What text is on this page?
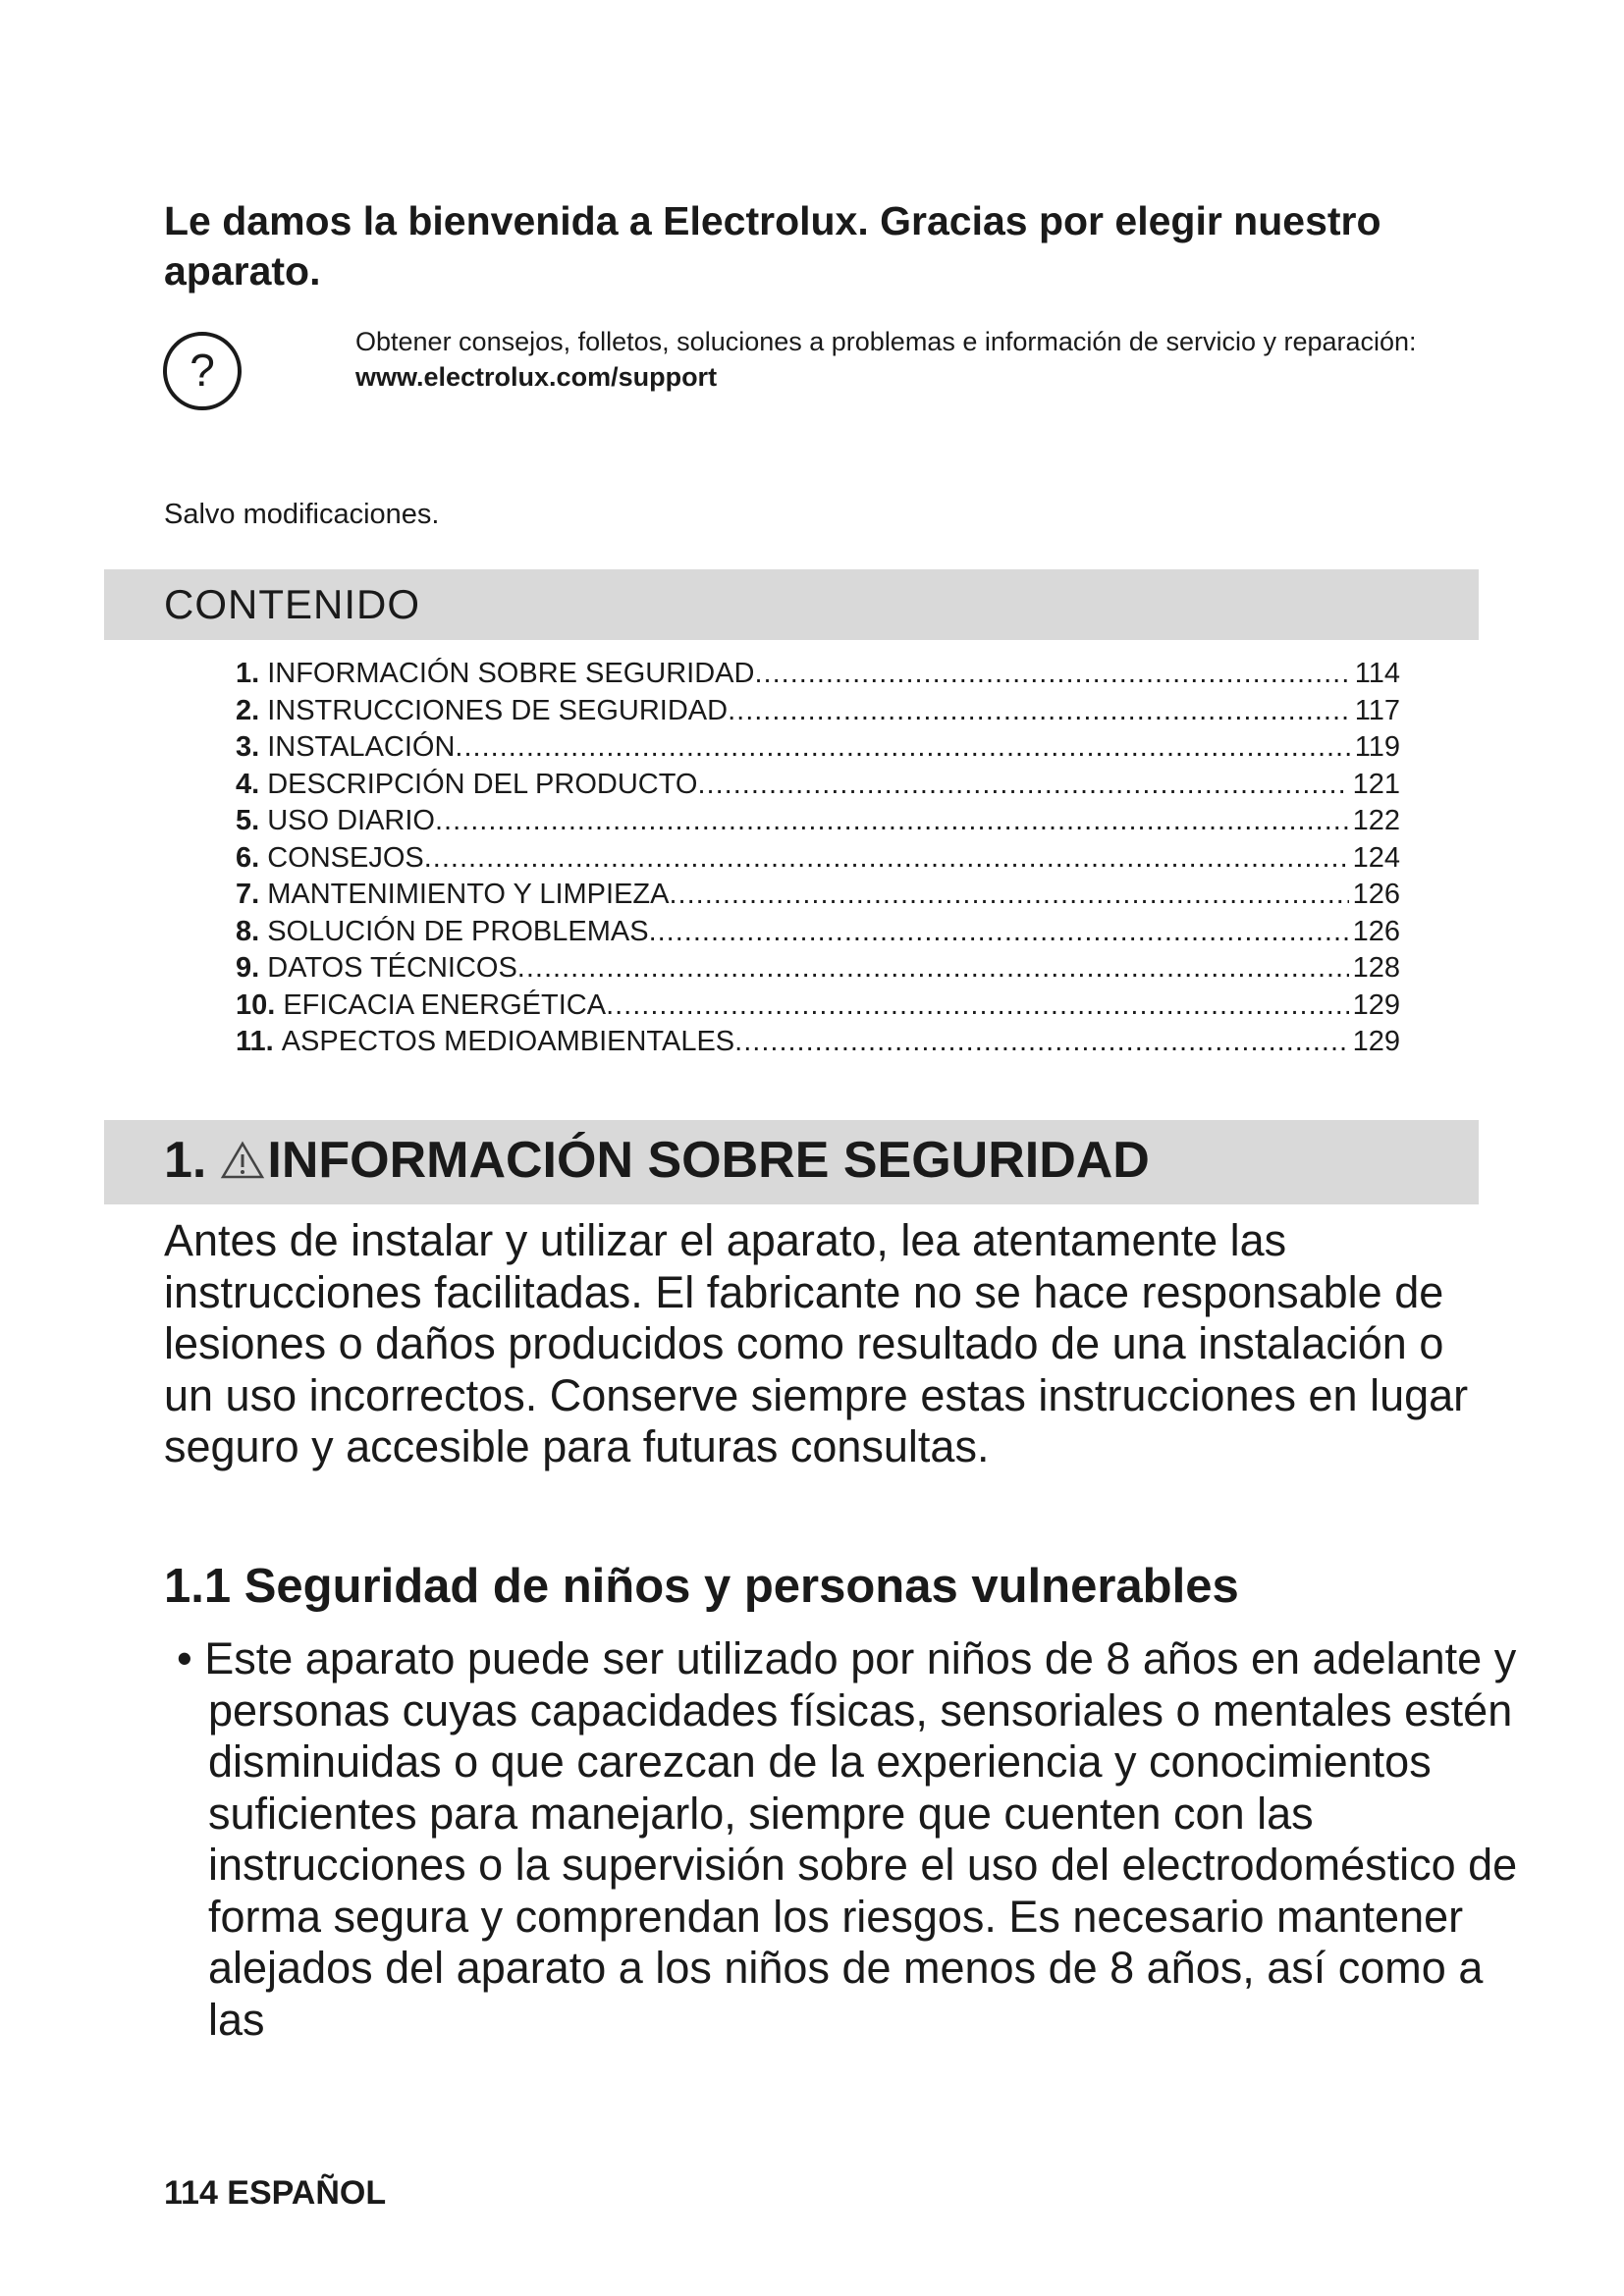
Le damos la bienvenida a Electrolux. Gracias por elegir nuestro aparato.
?
Obtener consejos, folletos, soluciones a problemas e información de servicio y reparación:
www.electrolux.com/support
Salvo modificaciones.
CONTENIDO
1. INFORMACIÓN SOBRE SEGURIDAD .....	114
2. INSTRUCCIONES DE SEGURIDAD .....	117
3. INSTALACIÓN .....	119
4. DESCRIPCIÓN DEL PRODUCTO .....	121
5. USO DIARIO .....	122
6. CONSEJOS .....	124
7. MANTENIMIENTO Y LIMPIEZA .....	126
8. SOLUCIÓN DE PROBLEMAS .....	126
9. DATOS TÉCNICOS .....	128
10. EFICACIA ENERGÉTICA .....	129
11. ASPECTOS MEDIOAMBIENTALES .....	129
1. INFORMACIÓN SOBRE SEGURIDAD

Antes de instalar y utilizar el aparato, lea atentamente las instrucciones facilitadas. El fabricante no se hace responsable de lesiones o daños producidos como resultado de una instalación o un uso incorrectos. Conserve siempre estas instrucciones en lugar seguro y accesible para futuras consultas.

1.1 Seguridad de niños y personas vulnerables

• Este aparato puede ser utilizado por niños de 8 años en adelante y personas cuyas capacidades físicas, sensoriales o mentales estén disminuidas o que carezcan de la experiencia y conocimientos suficientes para manejarlo, siempre que cuenten con las instrucciones o la supervisión sobre el uso del electrodoméstico de forma segura y comprendan los riesgos. Es necesario mantener alejados del aparato a los niños de menos de 8 años, así como a las

114 ESPAÑOL
